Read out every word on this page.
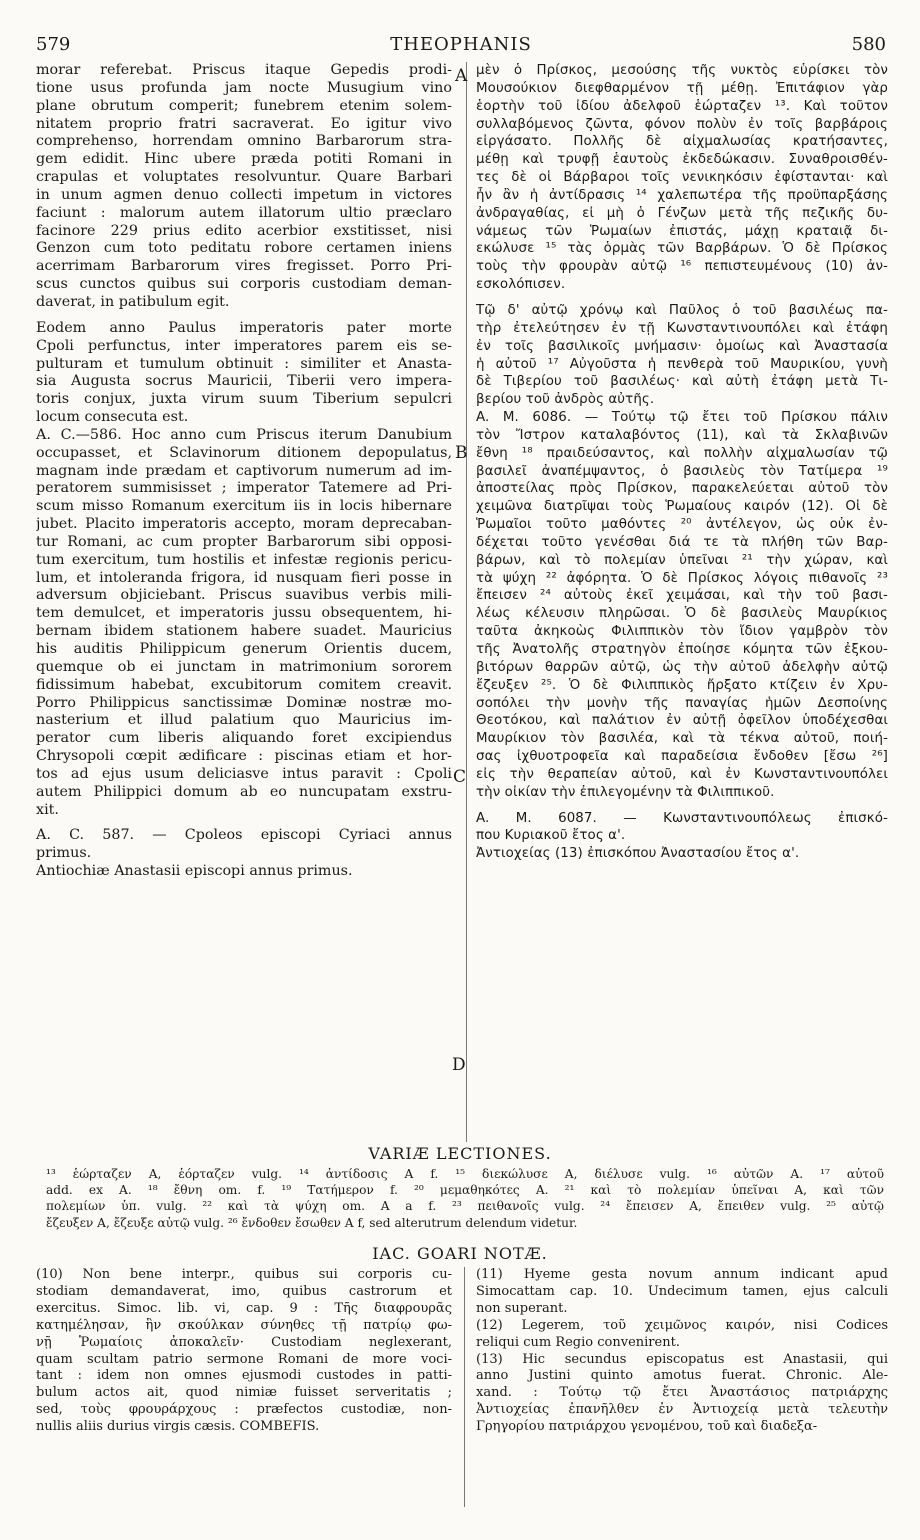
579	THEOPHANIS	580
morar referebat. Priscus itaque Gepedis prodi-
tione usus profunda jam nocte Musugium vino
plane obrutum comperit; funebrem etenim solem-
nitatem proprio fratri sacraverat. Eo igitur vivo
comprehenso, horrendam omnino Barbarorum stra-
gem edidit. Hinc ubere præda potiti Romani in
crapulas et voluptates resolvuntur. Quare Barbari
in unum agmen denuo collecti impetum in victores
faciunt : malorum autem illatorum ultio præclaro
facinore 229 prius edito acerbior exstitisset, nisi
Genzon cum toto peditatu robore certamen iniens
acerrimam Barbarorum vires fregisset. Porro Pri-
scus cunctos quibus sui corporis custodiam deman-
daverat, in patibulum egit.
Eodem anno Paulus imperatoris pater morte
Cpoli perfunctus, inter imperatores parem eis se-
pulturam et tumulum obtinuit : similiter et Anasta-
sia Augusta socrus Mauricii, Tiberii vero impera-
toris conjux, juxta virum suum Tiberium sepulcri
locum consecuta est.
A. C.—586. Hoc anno cum Priscus iterum Danubium
occupasset, et Sclavinorum ditionem depopulatus,
magnam inde prædam et captivorum numerum ad im-
peratorem summisisset ; imperator Tatemere ad Pri-
scum misso Romanum exercitum iis in locis hibernare
jubet. Placito imperatoris accepto, moram deprecaban-
tur Romani, ac cum propter Barbarorum sibi opposi-
tum exercitum, tum hostilis et infestæ regionis pericu-
lum, et intoleranda frigora, id nusquam fieri posse in
adversum objiciebant. Priscus suavibus verbis mili-
tem demulcet, et imperatoris jussu obsequentem, hi-
bernam ibidem stationem habere suadet. Mauricius
his auditis Philippicum generum Orientis ducem,
quemque ob ei junctam in matrimonium sororem
fidissimum habebat, excubitorum comitem creavit.
Porro Philippicus sanctissimæ Dominæ nostræ mo-
nasterium et illud palatium quo Mauricius im-
perator cum liberis aliquando foret excipiendus
Chrysopoli cœpit ædificare : piscinas etiam et hor-
tos ad ejus usum deliciasve intus paravit : Cpoli
autem Philippici domum ab eo nuncupatam exstru-
xit.
A. C. 587. — Cpoleos episcopi Cyriaci annus
primus.
Antiochiæ Anastasii episcopi annus primus.
μὲν ὁ Πρίσκος, μεσούσης τῆς νυκτὸς εὑρίσκει τὸν
Μουσούκιον διεφθαρμένον τῇ μέθῃ. Ἐπιτάφιον γὰρ
ἑορτὴν τοῦ ἰδίου ἀδελφοῦ ἑώρταζεν ¹³. Καὶ τοῦτον
συλλαβόμενος ζῶντα, φόνον πολὺν ἐν τοῖς βαρβάροις
εἰργάσατο. Πολλῆς δὲ αἰχμαλωσίας κρατήσαντες,
μέθῃ καὶ τρυφῇ ἑαυτοὺς ἐκδεδώκασιν. Συναθροισθέν-
τες δὲ οἱ Βάρβαροι τοῖς νενικηκόσιν ἐφίστανται· καὶ
ἦν ἂν ἡ ἀντίδρασις ¹⁴ χαλεπωτέρα τῆς προϋπαρξάσης
ἀνδραγαθίας, εἰ μὴ ὁ Γένζων μετὰ τῆς πεζικῆς δυ-
νάμεως τῶν Ῥωμαίων ἐπιστάς, μάχῃ κραταιᾷ δι-
εκώλυσε ¹⁵ τὰς ὁρμὰς τῶν Βαρβάρων. Ὁ δὲ Πρίσκος
τοὺς τὴν φρουρὰν αὐτῷ ¹⁶ πεπιστευμένους (10) ἀν-
εσκολόπισεν.
Τῷ δ' αὐτῷ χρόνῳ καὶ Παῦλος ὁ τοῦ βασιλέως πα-
τὴρ ἐτελεύτησεν ἐν τῇ Κωνσταντινουπόλει καὶ ἐτάφη
ἐν τοῖς βασιλικοῖς μνήμασιν· ὁμοίως καὶ Ἀναστασία
ἡ αὐτοῦ ¹⁷ Αὐγοῦστα ἡ πενθερὰ τοῦ Μαυρικίου, γυνὴ
δὲ Τιβερίου τοῦ βασιλέως· καὶ αὐτὴ ἐτάφη μετὰ Τι-
βερίου τοῦ ἀνδρὸς αὐτῆς.
A. M. 6086. — Τούτῳ τῷ ἔτει τοῦ Πρίσκου πάλιν
τὸν Ἴστρον καταλαβόντος (11), καὶ τὰ Σκλαβινῶν
ἔθνη ¹⁸ πραιδεύσαντος, καὶ πολλὴν αἰχμαλωσίαν τῷ
βασιλεῖ ἀναπέμψαντος, ὁ βασιλεὺς τὸν Τατίμερα ¹⁹
ἀποστείλας πρὸς Πρίσκον, παρακελεύεται αὐτοῦ τὸν
χειμῶνα διατρῖψαι τοὺς Ῥωμαίους καιρόν (12). Οἱ δὲ
Ῥωμαῖοι τοῦτο μαθόντες ²⁰ ἀντέλεγον, ὡς οὐκ ἐν-
δέχεται τοῦτο γενέσθαι διά τε τὰ πλήθη τῶν Βαρ-
βάρων, καὶ τὸ πολεμίαν ὑπεῖναι ²¹ τὴν χώραν, καὶ
τὰ ψύχη ²² ἀφόρητα. Ὁ δὲ Πρίσκος λόγοις πιθανοῖς ²³
ἔπεισεν ²⁴ αὐτοὺς ἐκεῖ χειμάσαι, καὶ τὴν τοῦ βασι-
λέως κέλευσιν πληρῶσαι. Ὁ δὲ βασιλεὺς Μαυρίκιος
ταῦτα ἀκηκοὼς Φιλιππικὸν τὸν ἴδιον γαμβρὸν τὸν
τῆς Ἀνατολῆς στρατηγὸν ἐποίησε κόμητα τῶν ἐξκου-
βιτόρων θαρρῶν αὐτῷ, ὡς τὴν αὐτοῦ ἀδελφὴν αὐτῷ
ἔζευξεν ²⁵. Ὁ δὲ Φιλιππικὸς ἤρξατο κτίζειν ἐν Χρυ-
σοπόλει τὴν μονὴν τῆς παναγίας ἡμῶν Δεσποίνης
Θεοτόκου, καὶ παλάτιον ἐν αὐτῇ ὀφεῖλον ὑποδέχεσθαι
Μαυρίκιον τὸν βασιλέα, καὶ τὰ τέκνα αὐτοῦ, ποιή-
σας ἰχθυοτροφεῖα καὶ παραδείσια ἔνδοθεν [ἔσω ²⁶]
εἰς τὴν θεραπείαν αὐτοῦ, καὶ ἐν Κωνσταντινουπόλει
τὴν οἰκίαν τὴν ἐπιλεγομένην τὰ Φιλιππικοῦ.
A. M. 6087. — Κωνσταντινουπόλεως ἐπισκό-
που Κυριακοῦ ἔτος α'.
Ἀντιοχείας (13) ἐπισκόπου Ἀναστασίου ἔτος α'.
A
B
C
D
VARIÆ LECTIONES.
¹³ ἑώρταζεν A, ἑόρταζεν vulg. ¹⁴ ἀντίδοσις A f. ¹⁵ διεκώλυσε A, διέλυσε vulg. ¹⁶ αὐτῶν A. ¹⁷ αὐτοῦ
add. ex A. ¹⁸ ἔθνη om. f. ¹⁹ Τατήμερον f. ²⁰ μεμαθηκότες A. ²¹ καὶ τὸ πολεμίαν ὑπεῖναι A, καὶ τῶν
πολεμίων ὑπ. vulg. ²² καὶ τὰ ψύχη om. A a f. ²³ πειθανοῖς vulg. ²⁴ ἔπεισεν A, ἔπειθεν vulg. ²⁵ αὐτῷ
ἔζευξεν A, ἔζευξε αὐτῷ vulg. ²⁶ ἔνδοθεν ἔσωθεν A f, sed alterutrum delendum videtur.
IAC. GOARI NOTÆ.
(10) Non bene interpr., quibus sui corporis cu-
stodiam demandaverat, imo, quibus castrorum et
exercitus. Simoc. lib. vi, cap. 9 : Τῆς διαφρουρᾶς
κατημέλησαν, ἣν σκούλκαν σύνηθες τῇ πατρίῳ φω-
νῇ Ῥωμαίοις ἀποκαλεῖν· Custodiam neglexerant,
quam scultam patrio sermone Romani de more voci-
tant : idem non omnes ejusmodi custodes in patti-
bulum actos ait, quod nimiæ fuisset serveritatis ;
sed, τοὺς φρουράρχους : præfectos custodiæ, non-
nullis aliis durius virgis cæsis. COMBEFIS.
(11) Hyeme gesta novum annum indicant apud
Simocattam cap. 10. Undecimum tamen, ejus calculi
non superant.
(12) Legerem, τοῦ χειμῶνος καιρόν, nisi Codices
reliqui cum Regio convenirent.
(13) Hic secundus episcopatus est Anastasii, qui
anno Justini quinto amotus fuerat. Chronic. Ale-
xand. : Τούτῳ τῷ ἔτει Ἀναστάσιος πατριάρχης
Ἀντιοχείας ἐπανῆλθεν ἐν Ἀντιοχείᾳ μετὰ τελευτὴν
Γρηγορίου πατριάρχου γενομένου, τοῦ καὶ διαδεξα-
